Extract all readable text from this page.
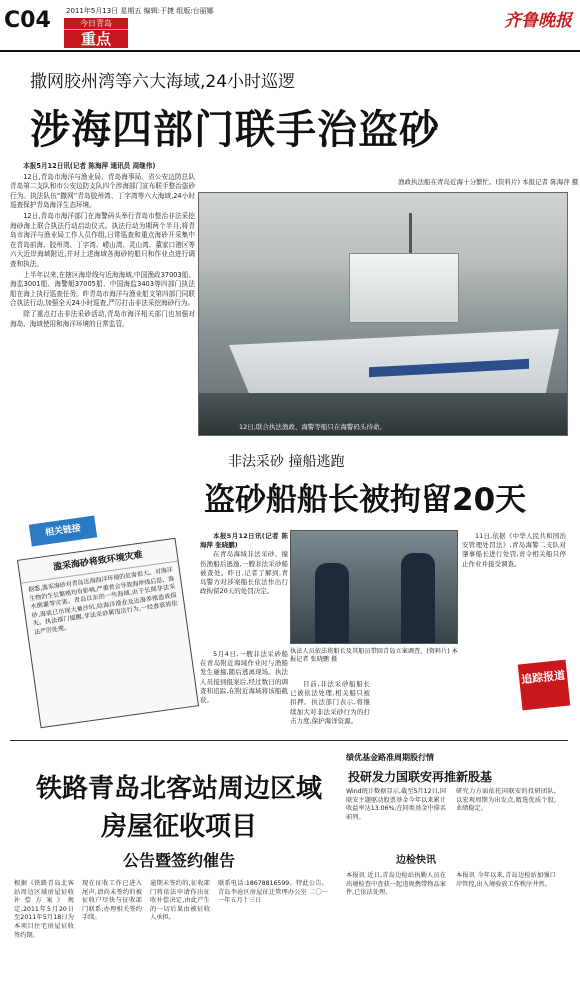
C04 2011年5月13日 星期五 编辑:于捷 组版:台丽娜
今日青岛
重点
齐鲁晚报
撒网胶州湾等六大海域,24小时巡逻
涉海四部门联手治盗砂

本报5月12日讯(记者 陈海萍 通讯员 周继伟)

12日,青岛市海洋与渔业局、青岛海事局、省公安边防总队青岛第二支队和市公安边防支队四个涉海部门宣布联手整治盗砂行为。执法队伍“撒网”青岛胶州湾、丁字湾等六大海域,24小时巡查保护青岛海洋生态环境。

12日,青岛市海洋部门在海警码头举行青岛市整治非法采挖海砂海上联合执法行动启动仪式。执法行动为期两个半月,将青岛市海洋与渔业局工作人员作组,日常巡查和重点海砂开采集中在青岛前海、胶州湾、丁字湾、崂山湾、灵山湾、董家口港区等六大近岸海域附近,并对上述海域各海砂的船只和作业点进行调查和执法。

上半年以来,在辖区海岸线与近海海域,中国渔政37003船、海监3001船、海警艇37005船、中国海监3403等四部门执法船在海上执行巡查任务。昨青岛市海洋与渔业船支第四部门同联合执法行动,加强全天24小时巡查,严厉打击非法采挖海砂行为。

除了重点打击非法采砂活动,青岛市海洋相关部门也加强对海岛、海域使用和海洋环境的日常监管。

渔政执法船在青岛近海十分繁忙。(资料片) 本报记者 陈海萍 摄
12日,联合执法渔政、海警等船只在海警码头待命。
相关链接
滥采海砂将致环境灾难
据悉,滥采海砂对青岛近海海洋环境的危害很大。对海洋生物的生长繁殖均有影响,严重者会导致海岸线后退、海水倒灌等灾害。青岛以东的一些海域,由于长期非法采砂,海底已出现大量沙坑,给海洋渔业及近海养殖造成损失。执法部门提醒,非法采砂属违法行为,一经查获将依法严厉处理。
非法采砂 撞船逃跑
盗砂船船长被拘留20天

本报5月12日讯(记者 陈海萍 张晓鹏)

在青岛海域非法采砂、撞伤渔船后逃逸,一艘非法采砂船被查处。昨日,记者了解到,青岛警方对涉案船长依法作出行政拘留20天的处罚决定。

5月4日,一艘非法采砂船在青岛附近海域作业时与渔船发生碰撞,随后逃离现场。执法人员接到报案后,经过数日的调查和追踪,在附近海域将该船截获。

执法人员依法将船长及其船员带回青岛立案调查。(资料片) 本报记者 张晓鹏 摄

目前,非法采砂船船长已被依法处理,相关船只被扣押。执法部门表示,将继续加大对非法采砂行为的打击力度,保护海洋资源。

11日,依据《中华人民共和国治安管理处罚法》,青岛海警二支队对肇事船长进行处罚,责令相关船只停止作业并接受调查。

追踪报道
铁路青岛北客站周边区域房屋征收项目
公告暨签约催告
根据《铁路青岛北客站周边区域房屋征收补偿方案》规定,2011年5月20日至2011年5月18日为本项目住宅房屋征收签约期。
现在征收工作已进入尾声,请尚未签约的被征收户尽快与征收部门联系,办理相关签约手续。
逾期未签约的,征收部门将依法申请作出征收补偿决定,由此产生的一切后果由被征收人承担。
联系电话:18678816599。特此公告。青岛李沧区房屋征迁管理办公室 二〇一一年五月十三日
绩优基金路准周期股行情
投研发力国联安再推新股基
Wind统计数据显示,截至5月12日,国联安主题驱动股票基金今年以来累计收益率达13.06%,在同类基金中排名前列。
研究力方面依托国联安的投研团队,以宏观周期为出发点,精选优质个股,业绩稳定。
边检快讯
本报讯 近日,青岛边检站执勤人员在出境检查中查获一起违规携带物品案件,已依法处理。
本报讯 今年以来,青岛边检站加强口岸管控,出入境验放工作秩序井然。
